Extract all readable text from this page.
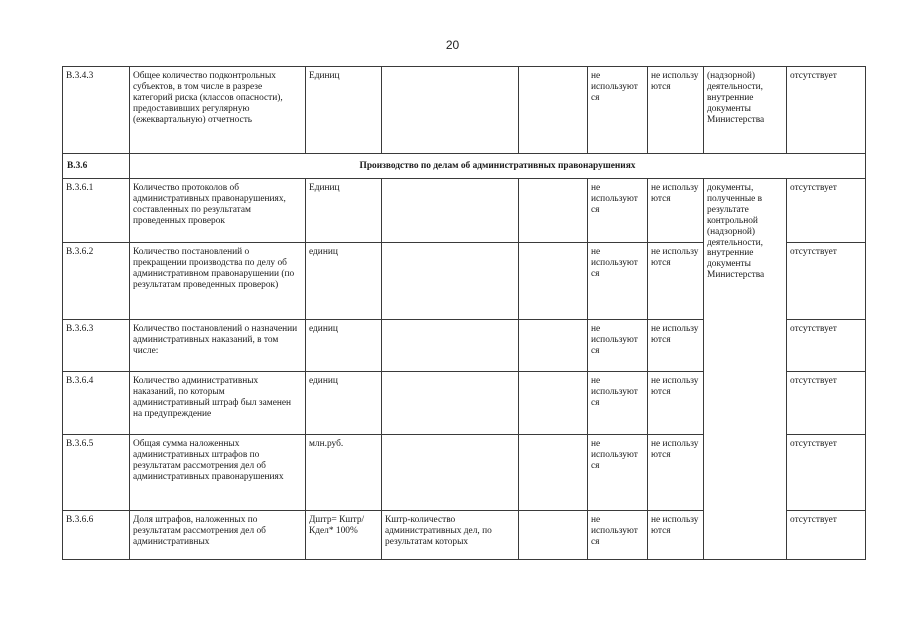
20
В.3.4.3	Общее количество подконтрольных субъектов, в том числе в разрезе категорий риска (классов опасности), предоставивших регулярную (ежеквартальную) отчетность	Единиц			не используют ся	не использу ются	(надзорной) деятельности, внутренние документы Министерства	отсутствует
В.3.6	Производство по делам об административных правонарушениях							
В.3.6.1	Количество протоколов об административных правонарушениях, составленных по результатам проведенных проверок	Единиц			не используют ся	не использу ются	документы, полученные в результате контрольной (надзорной) деятельности, внутренние документы Министерства	отсутствует
В.3.6.2	Количество постановлений о прекращении производства по делу об административном правонарушении (по результатам проведенных проверок)	единиц			не используют ся	не использу ются		отсутствует
В.3.6.3	Количество постановлений о назначении административных наказаний, в том числе:	единиц			не используют ся	не использу ются		отсутствует
В.3.6.4	Количество административных наказаний, по которым административный штраф был заменен на предупреждение	единиц			не используют ся	не использу ются		отсутствует
В.3.6.5	Общая сумма наложенных административных штрафов по результатам рассмотрения дел об административных правонарушениях	млн.руб.			не используют ся	не использу ются		отсутствует
В.3.6.6	Доля штрафов, наложенных по результатам рассмотрения дел об административных	Дштр= Кштр/Кдел* 100%	Кштр-количество административных дел, по результатам которых		не используют ся	не использу ются		отсутствует
